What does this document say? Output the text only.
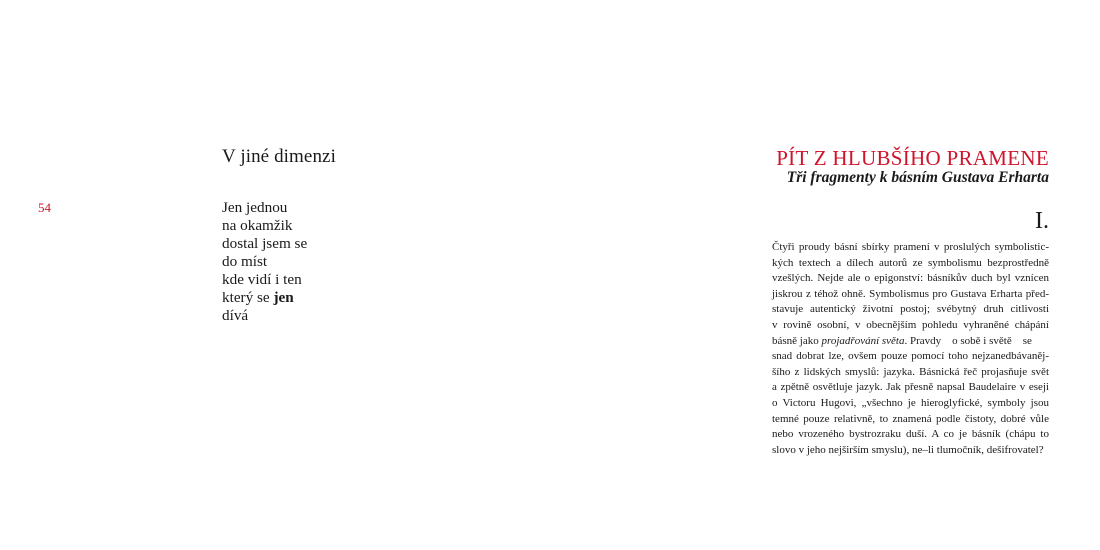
54
V jiné dimenzi
Jen jednou
na okamžik
dostal jsem se
do míst
kde vidí i ten
který se jen
dívá
PÍT Z HLUBŠÍHO PRAMENE
Tři fragmenty k básním Gustava Erharta
I.
Čtyři proudy básní sbírky pramení v proslulých symbolistic-
kých textech a dílech autorů ze symbolismu bezprostředně
vzešlých. Nejde ale o epigonství: básníkův duch byl vznícen
jiskrou z téhož ohně. Symbolismus pro Gustava Erharta před-
stavuje autentický životní postoj; svébytný druh citlivosti
v rovině osobní, v obecnějším pohledu vyhraněné chápání
básně jako projadřování světa. Pravdy    o sobě i světě    se
snad dobrat lze, ovšem pouze pomocí toho nejzanedbávaněj-
šího z lidských smyslů: jazyka. Básnická řeč projasňuje svět
a zpětně osvětluje jazyk. Jak přesně napsal Baudelaire v eseji
o Victoru Hugovi, „všechno je hieroglyfické, symboly jsou
temné pouze relativně, to znamená podle čistoty, dobré vůle
nebo vrozeného bystrozraku duší. A co je básník (chápu to
slovo v jeho nejširším smyslu), ne–li tlumočník, dešifrovatel?
